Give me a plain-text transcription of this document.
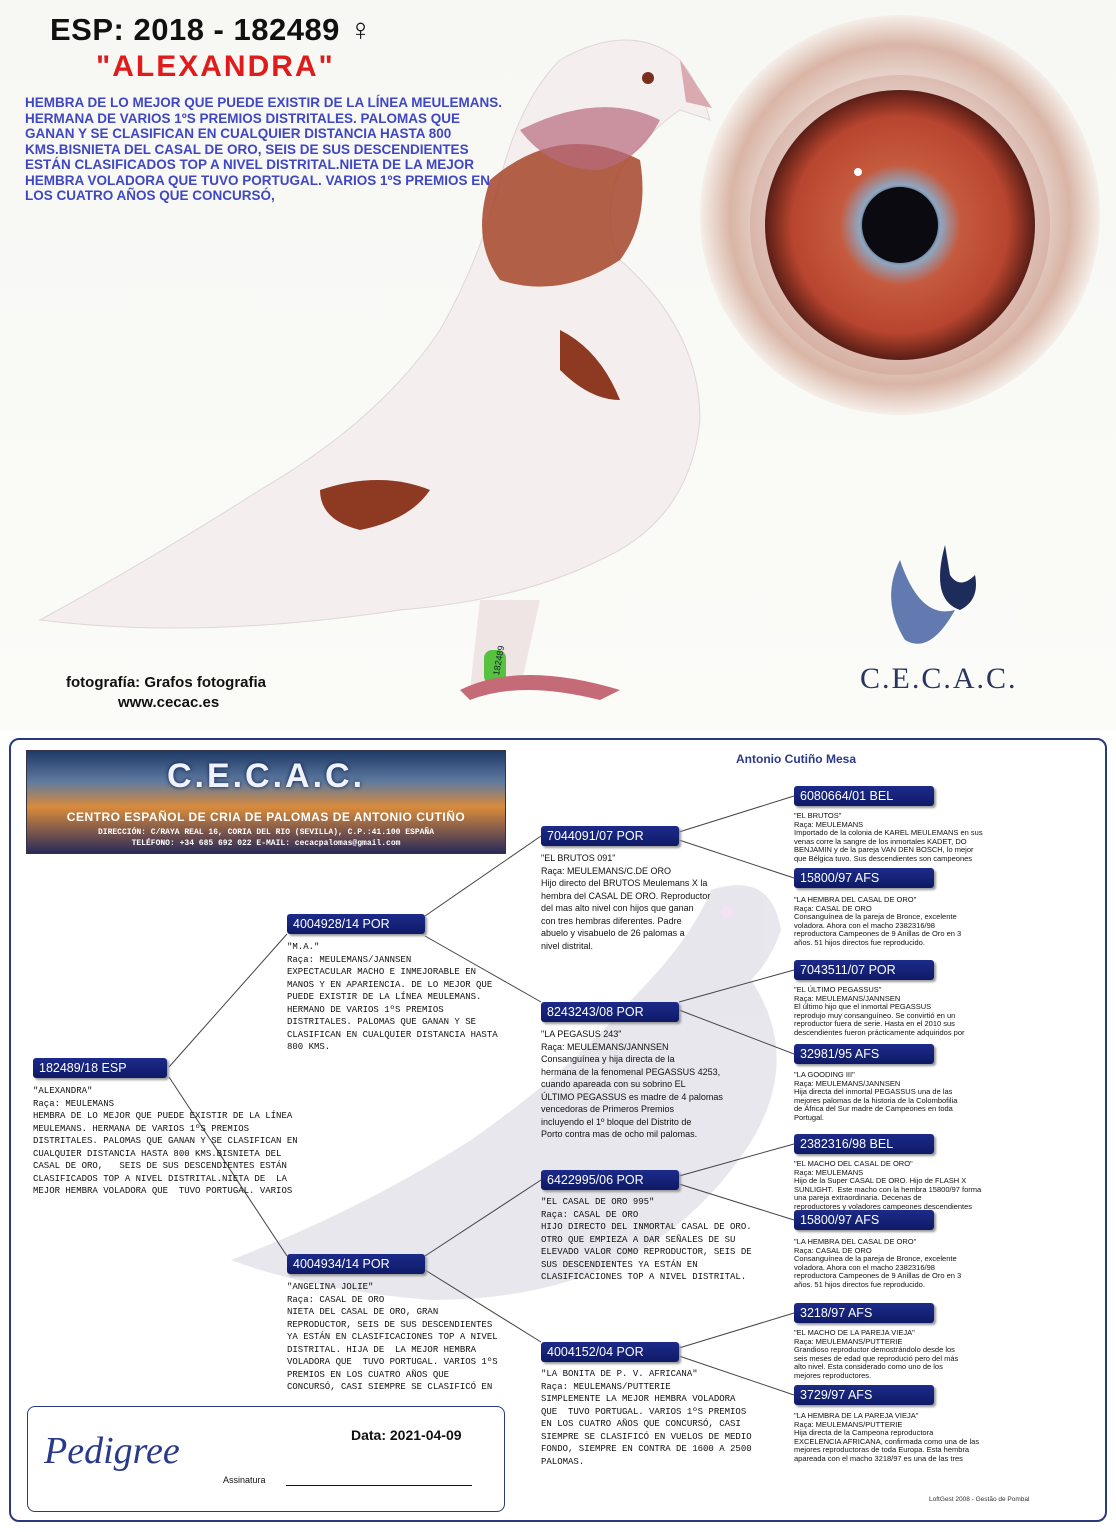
182489
ESP: 2018 - 182489 ♀
"ALEXANDRA"
HEMBRA DE LO MEJOR QUE PUEDE EXISTIR DE LA LÍNEA MEULEMANS. HERMANA DE VARIOS 1ºS PREMIOS DISTRITALES. PALOMAS QUE GANAN Y SE CLASIFICAN EN CUALQUIER DISTANCIA HASTA 800 KMS.BISNIETA DEL CASAL DE ORO, SEIS DE SUS DESCENDIENTES ESTÁN CLASIFICADOS TOP A NIVEL DISTRITAL.NIETA DE LA MEJOR HEMBRA VOLADORA QUE TUVO PORTUGAL. VARIOS 1ºS PREMIOS EN LOS CUATRO AÑOS QUE CONCURSÓ,
fotografía: Grafos fotografia
www.cecac.es
C.E.C.A.C.
Antonio Cutiño Mesa
C.E.C.A.C.
CENTRO ESPAÑOL DE CRIA DE PALOMAS DE ANTONIO CUTIÑO
DIRECCIÓN: C/RAYA REAL 16, CORIA DEL RIO (SEVILLA), C.P.:41.100 ESPAÑA
TELÉFONO: +34 685 692 022 E-MAIL: cecacpalomas@gmail.com
182489/18 ESP
"ALEXANDRA"
Raça: MEULEMANS
HEMBRA DE LO MEJOR QUE PUEDE EXISTIR DE LA LÍNEA
MEULEMANS. HERMANA DE VARIOS 1ºS PREMIOS
DISTRITALES. PALOMAS QUE GANAN Y SE CLASIFICAN EN
CUALQUIER DISTANCIA HASTA 800 KMS.BISNIETA DEL
CASAL DE ORO,   SEIS DE SUS DESCENDIENTES ESTÁN
CLASIFICADOS TOP A NIVEL DISTRITAL.NIETA DE  LA
MEJOR HEMBRA VOLADORA QUE  TUVO PORTUGAL. VARIOS
4004928/14 POR
"M.A."
Raça: MEULEMANS/JANNSEN
EXPECTACULAR MACHO E INMEJORABLE EN
MANOS Y EN APARIENCIA. DE LO MEJOR QUE
PUEDE EXISTIR DE LA LÍNEA MEULEMANS.
HERMANO DE VARIOS 1ºS PREMIOS
DISTRITALES. PALOMAS QUE GANAN Y SE
CLASIFICAN EN CUALQUIER DISTANCIA HASTA
800 KMS.
4004934/14 POR
"ANGELINA JOLIE"
Raça: CASAL DE ORO
NIETA DEL CASAL DE ORO, GRAN
REPRODUCTOR, SEIS DE SUS DESCENDIENTES
YA ESTÁN EN CLASIFICACIONES TOP A NIVEL
DISTRITAL. HIJA DE  LA MEJOR HEMBRA
VOLADORA QUE  TUVO PORTUGAL. VARIOS 1ºS
PREMIOS EN LOS CUATRO AÑOS QUE
CONCURSÓ, CASI SIEMPRE SE CLASIFICÓ EN
7044091/07 POR
"EL BRUTOS 091"
Raça: MEULEMANS/C.DE ORO
Hijo directo del BRUTOS Meulemans X la
hembra del CASAL DE ORO. Reproductor
del mas alto nivel con hijos que ganan
con tres hembras diferentes. Padre
abuelo y visabuelo de 26 palomas a
nivel distrital.
8243243/08 POR
"LA PEGASUS 243"
Raça: MEULEMANS/JANNSEN
Consanguínea y hija directa de la
hermana de la fenomenal PEGASSUS 4253,
cuando apareada con su sobrino EL
ÚLTIMO PEGASSUS es madre de 4 palomas
vencedoras de Primeros Premios
incluyendo el 1º bloque del Distrito de
Porto contra mas de ocho mil palomas.
6422995/06 POR
"EL CASAL DE ORO 995"
Raça: CASAL DE ORO
HIJO DIRECTO DEL INMORTAL CASAL DE ORO.
OTRO QUE EMPIEZA A DAR SEÑALES DE SU
ELEVADO VALOR COMO REPRODUCTOR, SEIS DE
SUS DESCENDIENTES YA ESTÁN EN
CLASIFICACIONES TOP A NIVEL DISTRITAL.
4004152/04 POR
"LA BONITA DE P. V. AFRICANA"
Raça: MEULEMANS/PUTTERIE
SIMPLEMENTE LA MEJOR HEMBRA VOLADORA
QUE  TUVO PORTUGAL. VARIOS 1ºS PREMIOS
EN LOS CUATRO AÑOS QUE CONCURSÓ, CASI
SIEMPRE SE CLASIFICÓ EN VUELOS DE MEDIO
FONDO, SIEMPRE EN CONTRA DE 1600 A 2500
PALOMAS.
6080664/01 BEL
"EL BRUTOS"
Raça: MEULEMANS
Importado de la colonia de KAREL MEULEMANS en sus
venas corre la sangre de los inmortales KADET, DO
BENJAMIN y de la pareja VAN DEN BOSCH, lo mejor
que Bélgica tuvo. Sus descendientes son campeones
15800/97 AFS
"LA HEMBRA DEL CASAL DE ORO"
Raça: CASAL DE ORO
Consanguínea de la pareja de Bronce, excelente
voladora. Ahora con el macho 2382316/98
reproductora Campeones de 9 Anillas de Oro en 3
años. 51 hijos directos fue reproducido.
7043511/07 POR
"EL ÚLTIMO PEGASSUS"
Raça: MEULEMANS/JANNSEN
El último hijo que el inmortal PEGASSUS
reprodujo muy consanguíneo. Se convirtió en un
reproductor fuera de serie. Hasta en el 2010 sus
descendientes fueron prácticamente adquiridos por
32981/95 AFS
"LA GOODING III"
Raça: MEULEMANS/JANNSEN
Hija directa del inmortal PEGASSUS una de las
mejores palomas de la historia de la Colombofilia
de África del Sur madre de Campeones en toda
Portugal.
2382316/98 BEL
"EL MACHO DEL CASAL DE ORO"
Raça: MEULEMANS
Hijo de la Super CASAL DE ORO. Hijo de FLASH X
SUNLIGHT.  Este macho con la hembra 15800/97 forma
una pareja extraordinaria. Decenas de
reproductores y voladores campeones descendientes
15800/97 AFS
"LA HEMBRA DEL CASAL DE ORO"
Raça: CASAL DE ORO
Consanguínea de la pareja de Bronce, excelente
voladora. Ahora con el macho 2382316/98
reproductora Campeones de 9 Anillas de Oro en 3
años. 51 hijos directos fue reproducido.
3218/97 AFS
"EL MACHO DE LA PAREJA VIEJA"
Raça: MEULEMANS/PUTTERIE
Grandioso reproductor demostrándolo desde los
seis meses de edad que reprodució pero del más
alto nivel. Esta considerado como uno de los
mejores reproductores.
3729/97 AFS
"LA HEMBRA DE LA PAREJA VIEJA"
Raça: MEULEMANS/PUTTERIE
Hija directa de la Campeona reproductora
EXCELENCIA AFRICANA, confirmada como una de las
mejores reproductoras de toda Europa. Esta hembra
apareada con el macho 3218/97 es una de las tres
Pedigree	Data: 2021-04-09
Assinatura
LoftGest 2008 - Gestão de Pombal
